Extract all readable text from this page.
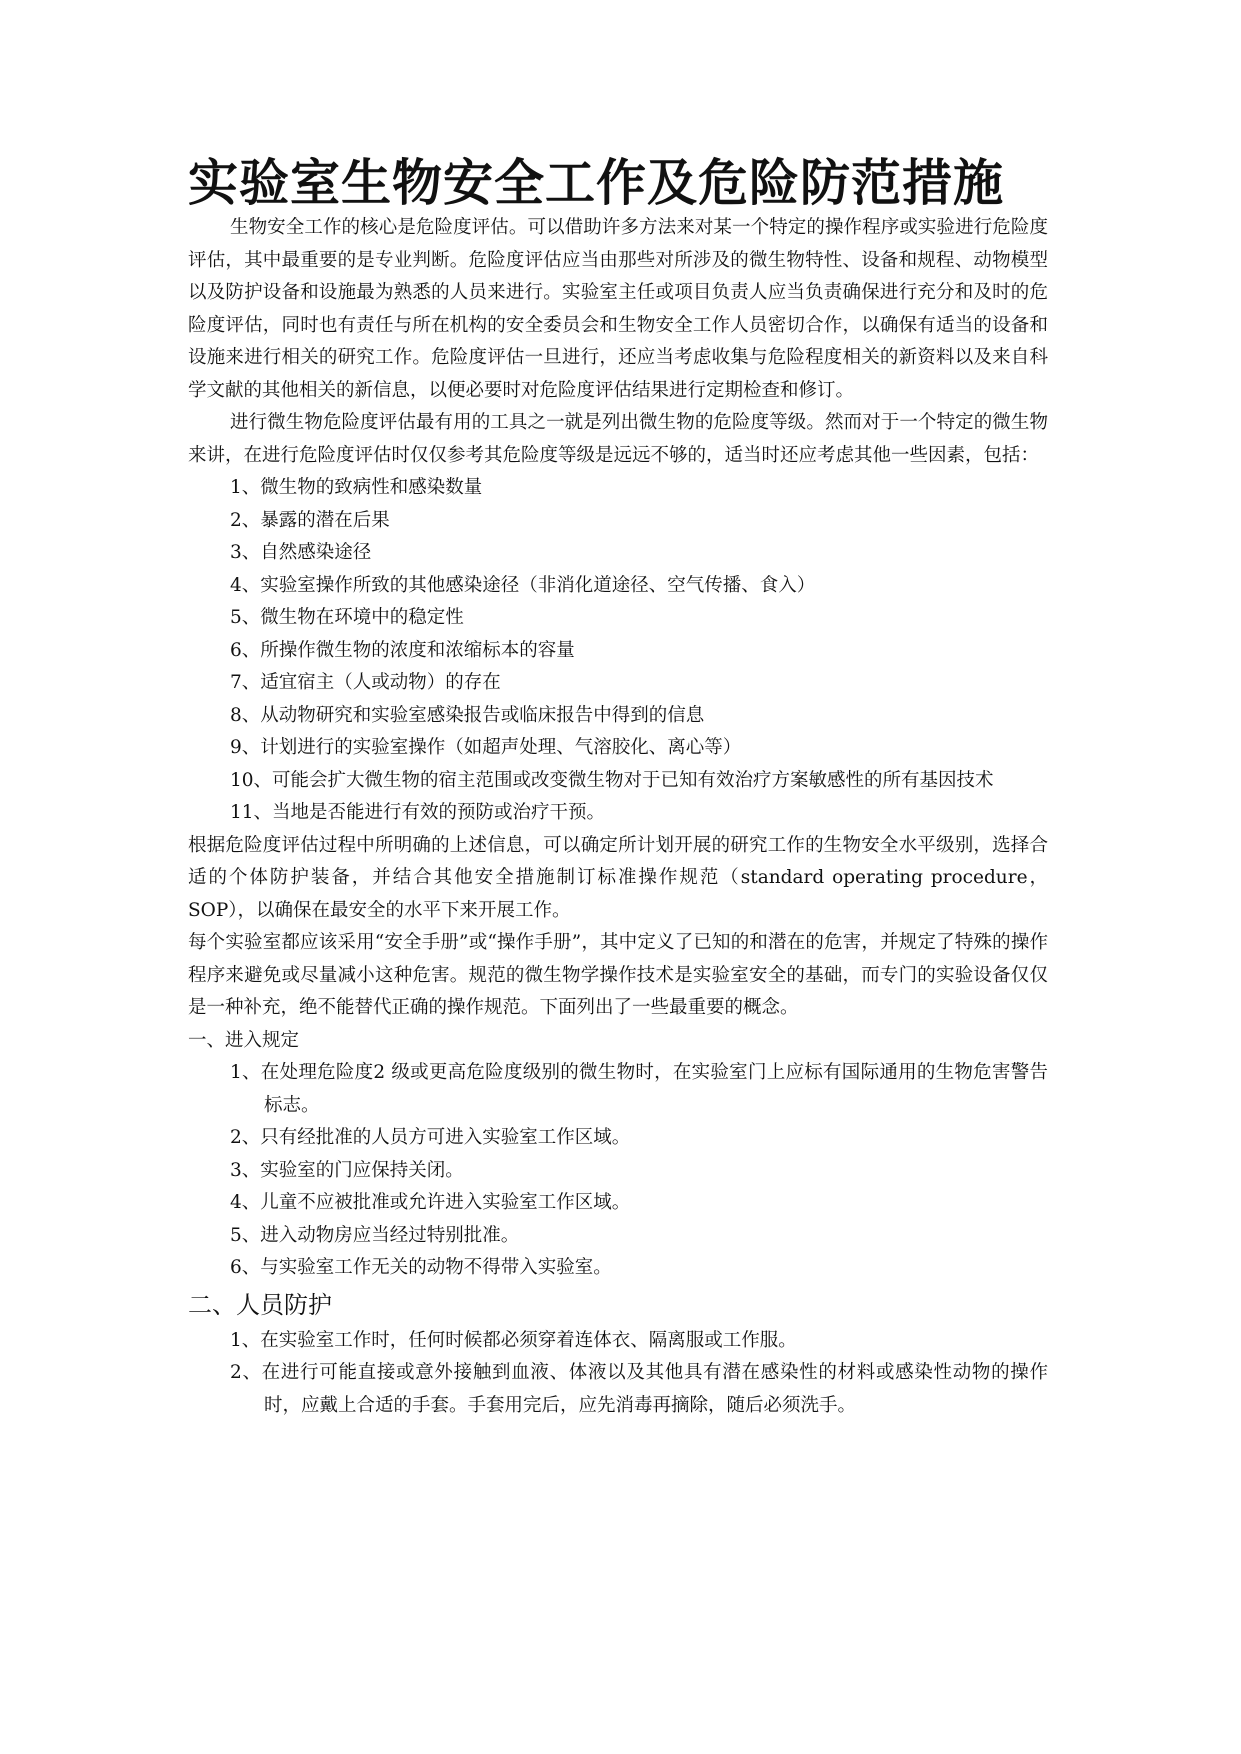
实验室生物安全工作及危险防范措施

生物安全工作的核心是危险度评估。可以借助许多方法来对某一个特定的操作程序或实验进行危险度评估，其中最重要的是专业判断。危险度评估应当由那些对所涉及的微生物特性、设备和规程、动物模型以及防护设备和设施最为熟悉的人员来进行。实验室主任或项目负责人应当负责确保进行充分和及时的危险度评估，同时也有责任与所在机构的安全委员会和生物安全工作人员密切合作，以确保有适当的设备和设施来进行相关的研究工作。危险度评估一旦进行，还应当考虑收集与危险程度相关的新资料以及来自科学文献的其他相关的新信息，以便必要时对危险度评估结果进行定期检查和修订。

进行微生物危险度评估最有用的工具之一就是列出微生物的危险度等级。然而对于一个特定的微生物来讲，在进行危险度评估时仅仅参考其危险度等级是远远不够的，适当时还应考虑其他一些因素，包括：

1、微生物的致病性和感染数量

2、暴露的潜在后果

3、自然感染途径

4、实验室操作所致的其他感染途径（非消化道途径、空气传播、食入）

5、微生物在环境中的稳定性

6、所操作微生物的浓度和浓缩标本的容量

7、适宜宿主（人或动物）的存在

8、从动物研究和实验室感染报告或临床报告中得到的信息

9、计划进行的实验室操作（如超声处理、气溶胶化、离心等）

10、可能会扩大微生物的宿主范围或改变微生物对于已知有效治疗方案敏感性的所有基因技术

11、当地是否能进行有效的预防或治疗干预。

根据危险度评估过程中所明确的上述信息，可以确定所计划开展的研究工作的生物安全水平级别，选择合适的个体防护装备，并结合其他安全措施制订标准操作规范（standard operating procedure，SOP），以确保在最安全的水平下来开展工作。

每个实验室都应该采用“安全手册”或“操作手册”，其中定义了已知的和潜在的危害，并规定了特殊的操作程序来避免或尽量减小这种危害。规范的微生物学操作技术是实验室安全的基础，而专门的实验设备仅仅是一种补充，绝不能替代正确的操作规范。下面列出了一些最重要的概念。

一、进入规定

1、在处理危险度2 级或更高危险度级别的微生物时，在实验室门上应标有国际通用的生物危害警告标志。

2、只有经批准的人员方可进入实验室工作区域。

3、实验室的门应保持关闭。

4、儿童不应被批准或允许进入实验室工作区域。

5、进入动物房应当经过特别批准。

6、与实验室工作无关的动物不得带入实验室。

二、人员防护

1、在实验室工作时，任何时候都必须穿着连体衣、隔离服或工作服。

2、在进行可能直接或意外接触到血液、体液以及其他具有潜在感染性的材料或感染性动物的操作时，应戴上合适的手套。手套用完后，应先消毒再摘除，随后必须洗手。
